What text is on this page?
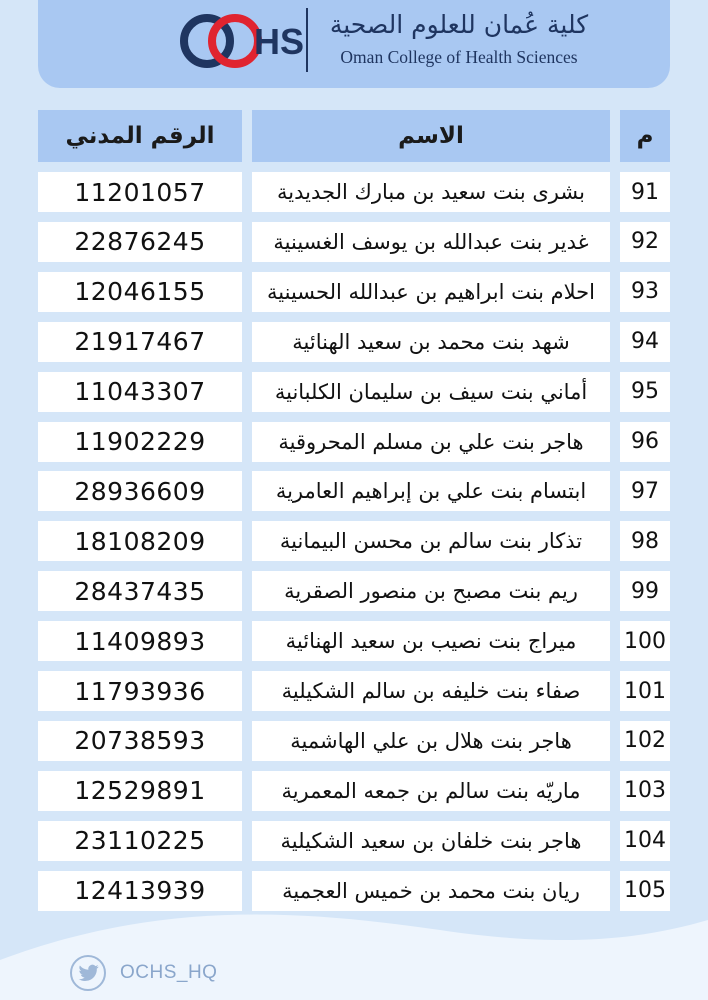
HS	كلية عُمان للعلوم الصحية
Oman College of Health Sciences
م
الاسم
الرقم المدني
91
بشرى بنت سعيد بن مبارك الجديدية
11201057
92
غدير بنت عبدالله بن يوسف الغسينية
22876245
93
احلام بنت ابراهيم بن عبدالله الحسينية
12046155
94
شهد بنت محمد بن سعيد الهنائية
21917467
95
أماني بنت سيف بن سليمان الكلبانية
11043307
96
هاجر بنت علي بن مسلم المحروقية
11902229
97
ابتسام بنت علي بن إبراهيم العامرية
28936609
98
تذكار بنت سالم بن محسن البيمانية
18108209
99
ريم بنت مصبح بن منصور الصقرية
28437435
100
ميراج بنت نصيب بن سعيد الهنائية
11409893
101
صفاء بنت خليفه بن سالم الشكيلية
11793936
102
هاجر بنت هلال بن علي الهاشمية
20738593
103
ماريّه بنت سالم بن جمعه المعمرية
12529891
104
هاجر بنت خلفان بن سعيد الشكيلية
23110225
105
ريان بنت محمد بن خميس العجمية
12413939
OCHS_HQ
